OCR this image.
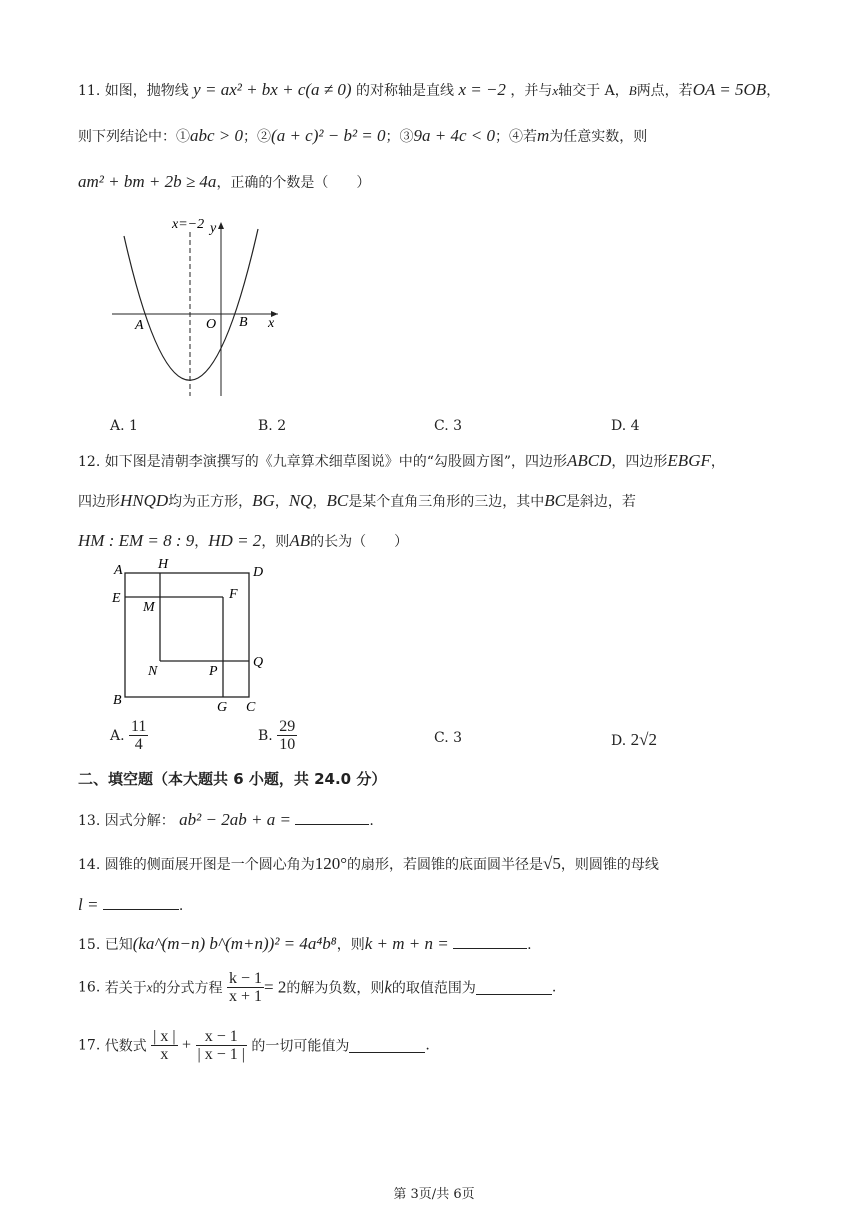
11. 如图，抛物线 y = ax² + bx + c(a ≠ 0) 的对称轴是直线 x = −2 ，并与x轴交于 A，B两点，若OA = 5OB，
则下列结论中：①abc > 0；②(a + c)² − b² = 0；③9a + 4c < 0；④若m为任意实数，则
am² + bm + 2b ≥ 4a，正确的个数是（　　）
x=−2 y
x
A	O B
A. 1	B. 2	C. 3	D. 4
12. 如下图是清朝李演撰写的《九章算术细草图说》中的“勾股圆方图”，四边形ABCD，四边形EBGF，
四边形HNQD均为正方形，BG，NQ，BC是某个直角三角形的三边，其中BC是斜边，若
HM : EM = 8 : 9，HD = 2，则AB的长为（　　）
A	H
D
E
M
F
N	P
Q
B	G C
A. $\frac{11}{4}$	B. $\frac{29}{10}$	C. 3	D. 2√2
二、填空题（本大题共 6 小题，共 24.0 分）
13. 因式分解： ab² − 2ab + a =	.
14. 圆锥的侧面展开图是一个圆心角为120°的扇形，若圆锥的底面圆半径是√5，则圆锥的母线
l =	.
15. 已知(ka^(m−n) b^(m+n))² = 4a⁴b⁸，则k + m + n =	.
16. 若关于x的分式方程 $\frac{k - 1}{x + 1} = 2$的解为负数，则k的取值范围为	.
17. 代数式 $\frac{| x |}{x} + \frac{x - 1}{| x - 1 |}$ 的一切可能值为	.
第 3页/共 6页
